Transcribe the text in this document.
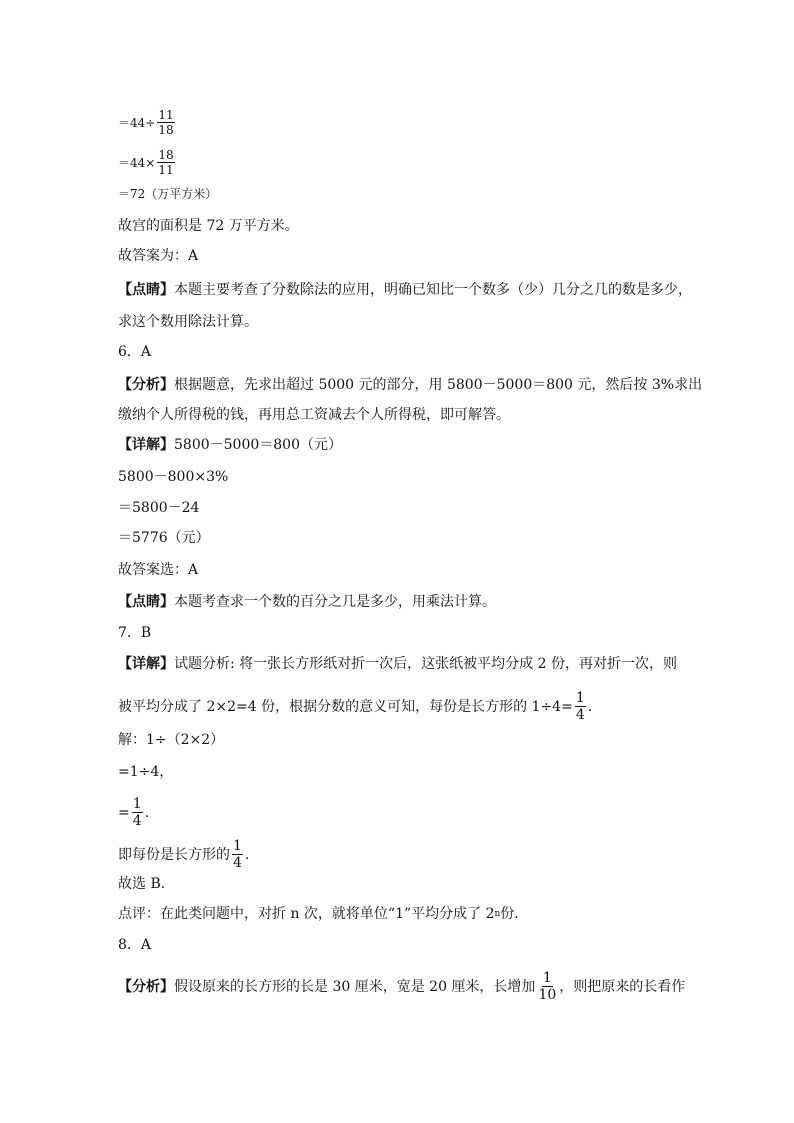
$=44\div \frac{11}{18}$
$=44\times \frac{18}{11}$
＝72（万平方米）
故宫的面积是 72 万平方米。
故答案为：A
【点睛】 本题主要考查了分数除法的应用，明确已知比一个数多（少）几分之几的数是多少，
求这个数用除法计算。
6．A
【分析】 根据题意，先求出超过 5000 元的部分，用 5800－5000＝800 元，然后按 3%求出
缴纳个人所得税的钱，再用总工资减去个人所得税，即可解答。
【详解】 5800－5000＝800（元）
5800－800×3%
＝5800－24
＝5776（元）
故答案选：A
【点睛】 本题考查求一个数的百分之几是多少，用乘法计算。
7．B
【详解】 试题分析: 将一张长方形纸对折一次后，这张纸被平均分成 2 份，再对折一次，则
被平均分成了 2×2=4 份，根据分数的意义可知，每份是长方形的 $1\div 4= \frac{1}{4}$ .
解：1÷（2×2）
=1÷4，
= $\frac{1}{4}$ .
即每份是长方形的 $\frac{1}{4}$ .
故选 B．
点评：在此类问题中，对折 n 次，就将单位“1”平均分成了 2 n 份．
8．A
【分析】 假设原来的长方形的长是 30 厘米，宽是 20 厘米，长增加 $\frac{1}{10}$ ，则把原来的长看作
